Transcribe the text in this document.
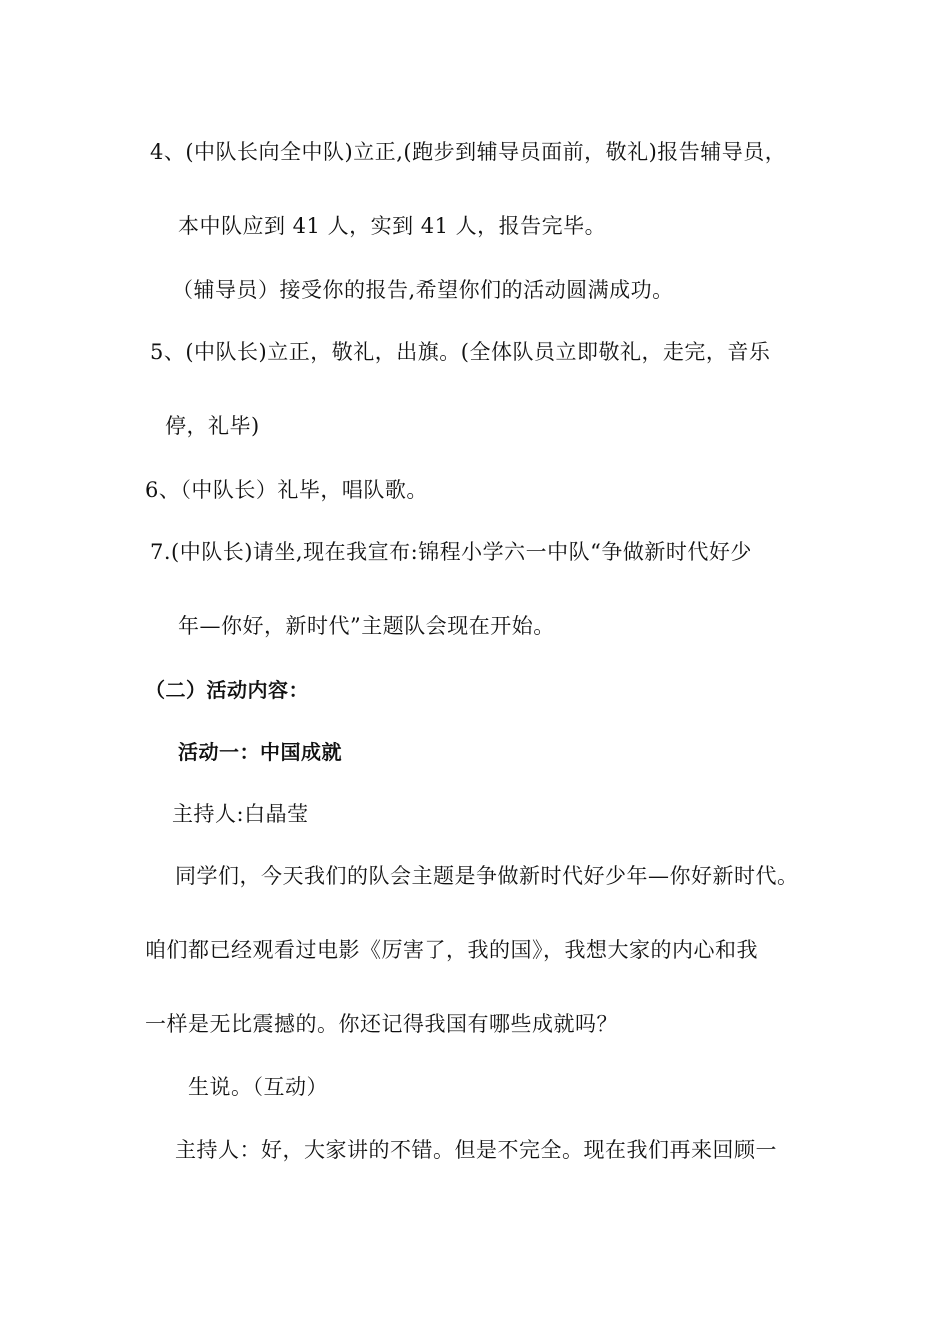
4、(中队长向全中队)立正,(跑步到辅导员面前，敬礼)报告辅导员，
本中队应到 41 人，实到 41 人，报告完毕。
（辅导员）接受你的报告,希望你们的活动圆满成功。
5、(中队长)立正，敬礼，出旗。(全体队员立即敬礼，走完，音乐
停，礼毕)
6、（中队长）礼毕，唱队歌。
7.(中队长)请坐,现在我宣布:锦程小学六一中队“争做新时代好少
年—你好，新时代”主题队会现在开始。
（二）活动内容：
活动一：中国成就
主持人:白晶莹
同学们，今天我们的队会主题是争做新时代好少年—你好新时代。
咱们都已经观看过电影《厉害了，我的国》，我想大家的内心和我
一样是无比震撼的。你还记得我国有哪些成就吗？
生说。（互动）
主持人：好，大家讲的不错。但是不完全。现在我们再来回顾一
